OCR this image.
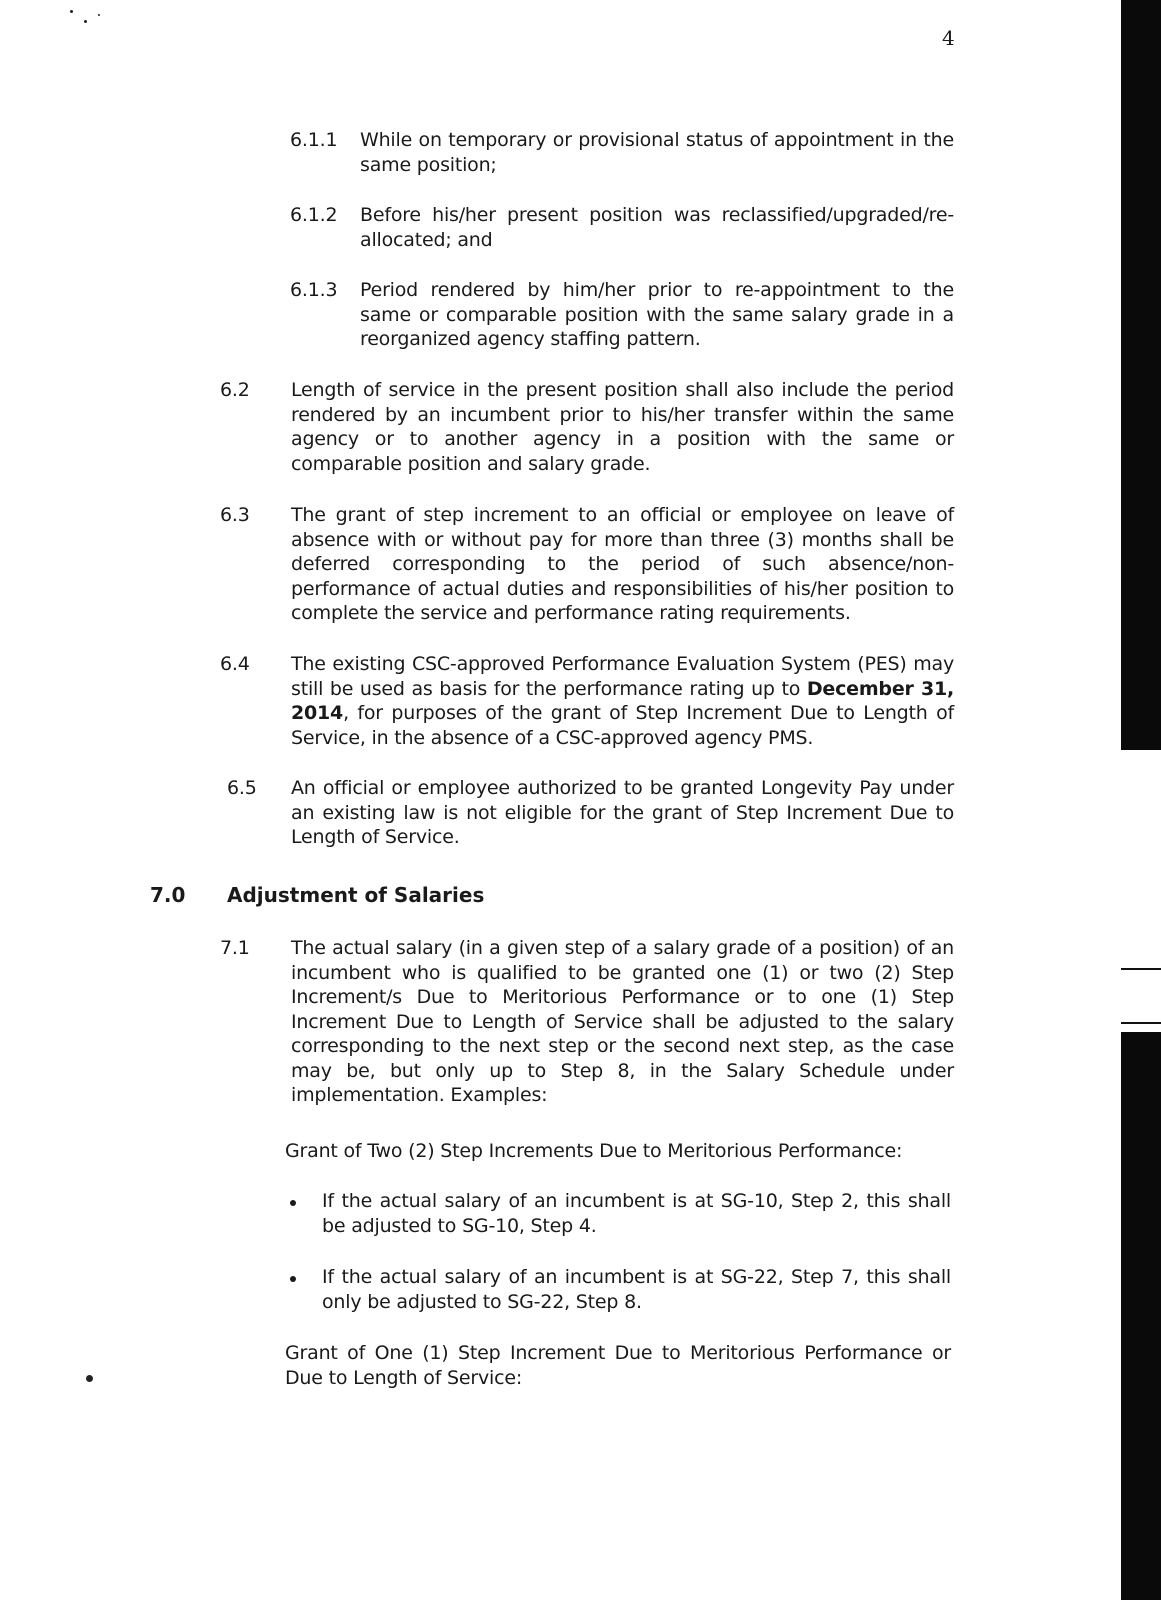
4
6.1.1 While on temporary or provisional status of appointment in the
same position;
6.1.2 Before his/her present position was reclassified/upgraded/re-
allocated; and
6.1.3 Period rendered by him/her prior to re-appointment to the
same or comparable position with the same salary grade in a
reorganized agency staffing pattern.
6.2 Length of service in the present position shall also include the period
rendered by an incumbent prior to his/her transfer within the same
agency or to another agency in a position with the same or
comparable position and salary grade.
6.3 The grant of step increment to an official or employee on leave of
absence with or without pay for more than three (3) months shall be
deferred corresponding to the period of such absence/non-
performance of actual duties and responsibilities of his/her position to
complete the service and performance rating requirements.
6.4 The existing CSC-approved Performance Evaluation System (PES) may
still be used as basis for the performance rating up to December 31,
2014, for purposes of the grant of Step Increment Due to Length of
Service, in the absence of a CSC-approved agency PMS.
6.5 An official or employee authorized to be granted Longevity Pay under
an existing law is not eligible for the grant of Step Increment Due to
Length of Service.
7.0 Adjustment of Salaries
7.1 The actual salary (in a given step of a salary grade of a position) of an
incumbent who is qualified to be granted one (1) or two (2) Step
Increment/s Due to Meritorious Performance or to one (1) Step
Increment Due to Length of Service shall be adjusted to the salary
corresponding to the next step or the second next step, as the case
may be, but only up to Step 8, in the Salary Schedule under
implementation. Examples:
Grant of Two (2) Step Increments Due to Meritorious Performance:
If the actual salary of an incumbent is at SG-10, Step 2, this shall
be adjusted to SG-10, Step 4.
If the actual salary of an incumbent is at SG-22, Step 7, this shall
only be adjusted to SG-22, Step 8.
Grant of One (1) Step Increment Due to Meritorious Performance or
Due to Length of Service:
